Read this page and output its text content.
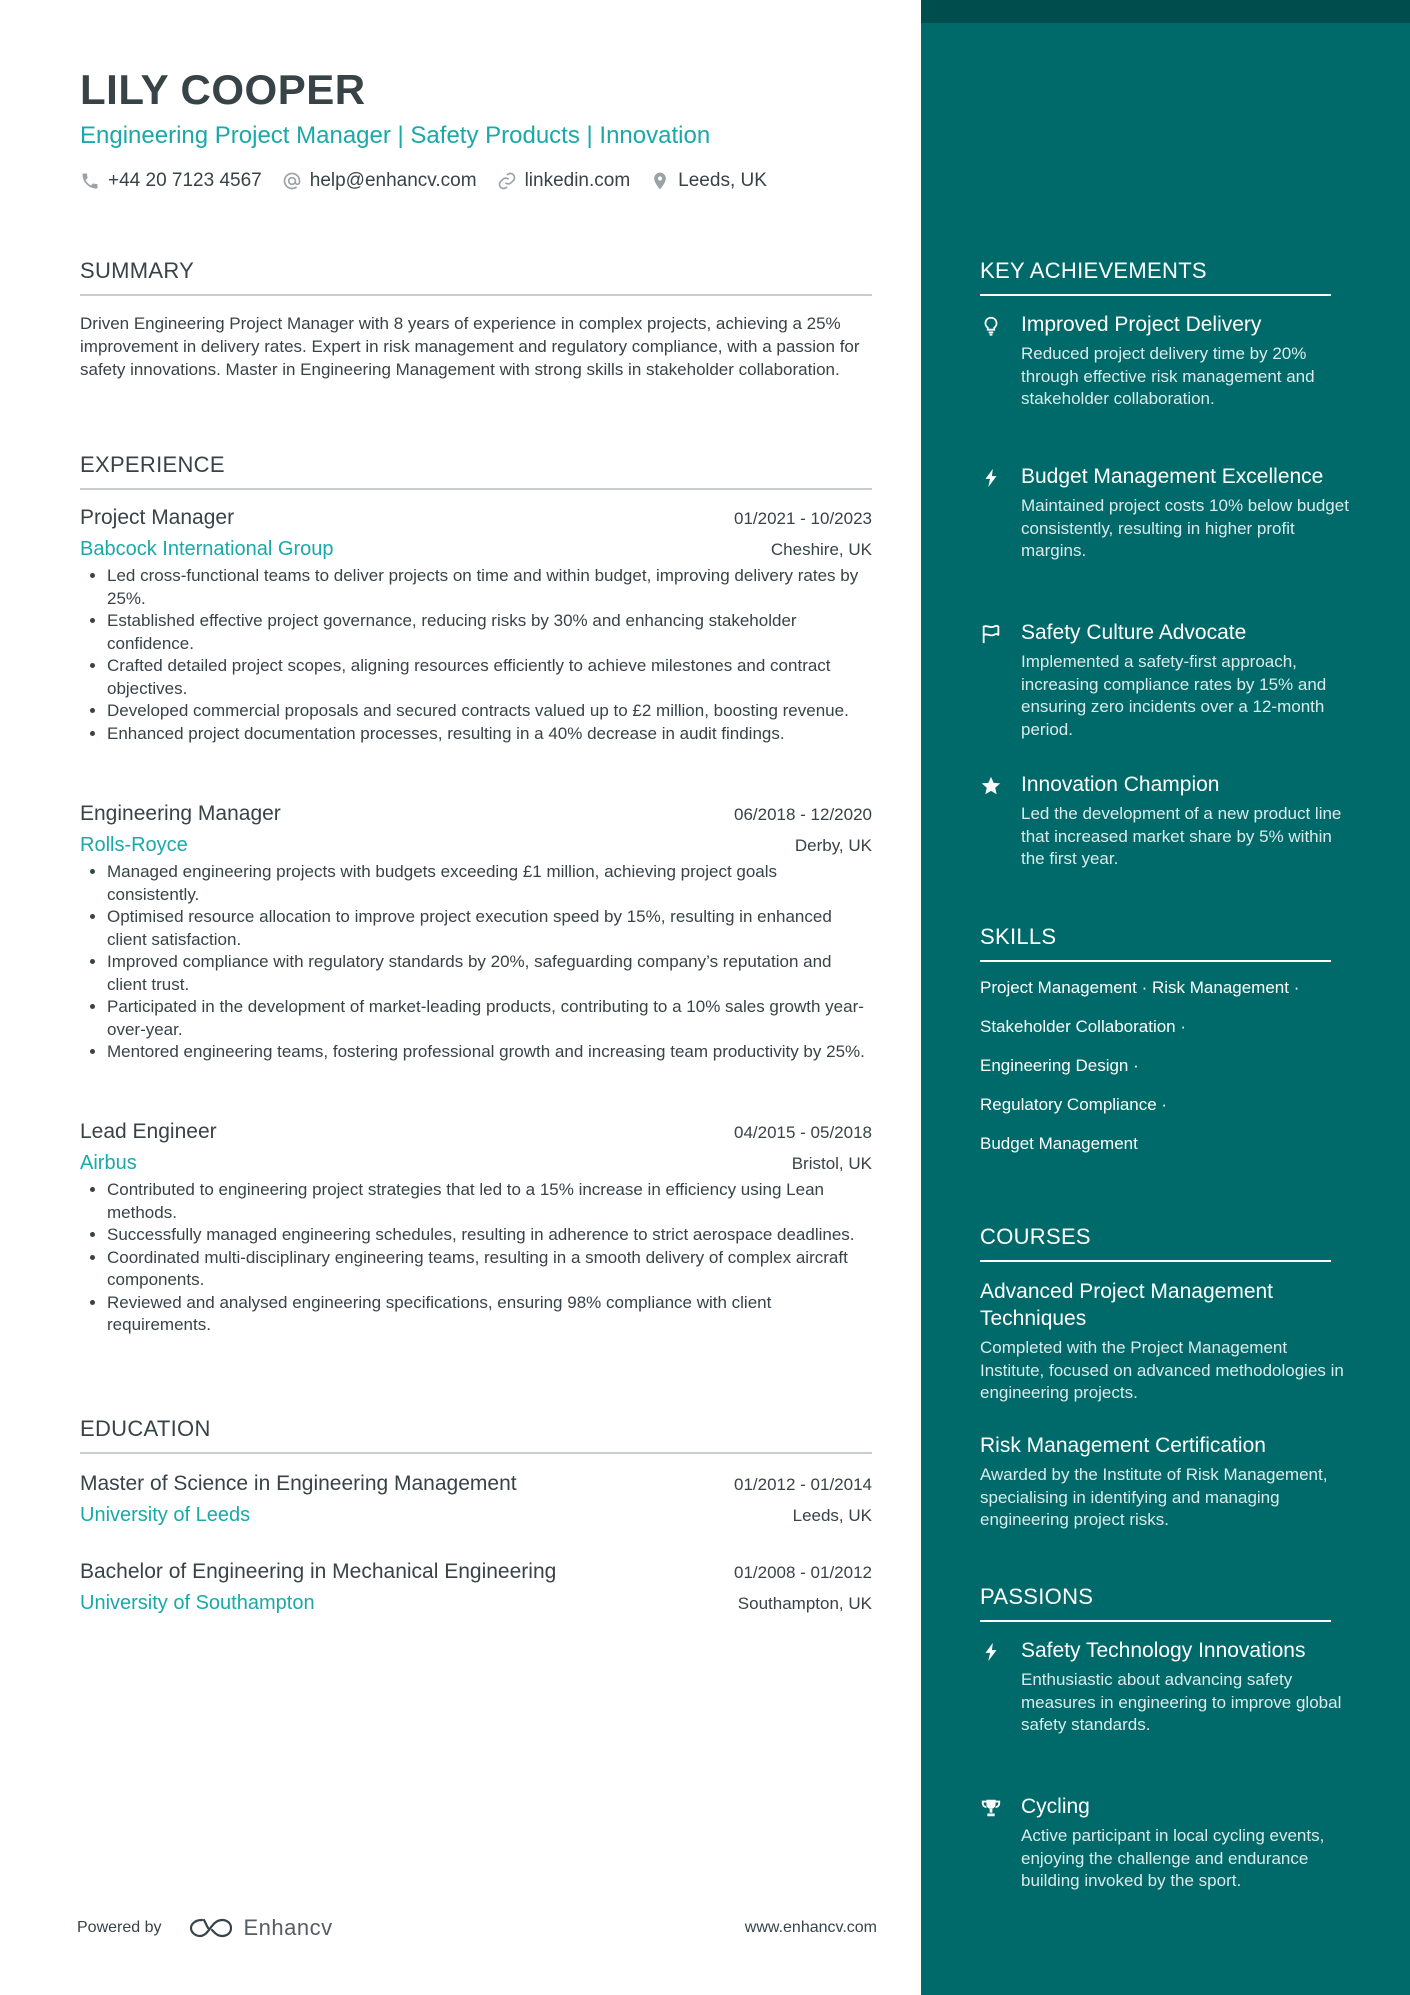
LILY COOPER
Engineering Project Manager | Safety Products | Innovation
+44 20 7123 4567	help@enhancv.com	linkedin.com	Leeds, UK
SUMMARY
Driven Engineering Project Manager with 8 years of experience in complex projects, achieving a 25% improvement in delivery rates. Expert in risk management and regulatory compliance, with a passion for safety innovations. Master in Engineering Management with strong skills in stakeholder collaboration.
EXPERIENCE
Project Manager	01/2021 - 10/2023
Babcock International Group	Cheshire, UK
• Led cross-functional teams to deliver projects on time and within budget, improving delivery rates by 25%.
• Established effective project governance, reducing risks by 30% and enhancing stakeholder confidence.
• Crafted detailed project scopes, aligning resources efficiently to achieve milestones and contract objectives.
• Developed commercial proposals and secured contracts valued up to £2 million, boosting revenue.
• Enhanced project documentation processes, resulting in a 40% decrease in audit findings.
Engineering Manager	06/2018 - 12/2020
Rolls-Royce	Derby, UK
• Managed engineering projects with budgets exceeding £1 million, achieving project goals consistently.
• Optimised resource allocation to improve project execution speed by 15%, resulting in enhanced client satisfaction.
• Improved compliance with regulatory standards by 20%, safeguarding company’s reputation and client trust.
• Participated in the development of market-leading products, contributing to a 10% sales growth year-over-year.
• Mentored engineering teams, fostering professional growth and increasing team productivity by 25%.
Lead Engineer	04/2015 - 05/2018
Airbus	Bristol, UK
• Contributed to engineering project strategies that led to a 15% increase in efficiency using Lean methods.
• Successfully managed engineering schedules, resulting in adherence to strict aerospace deadlines.
• Coordinated multi-disciplinary engineering teams, resulting in a smooth delivery of complex aircraft components.
• Reviewed and analysed engineering specifications, ensuring 98% compliance with client requirements.
EDUCATION
Master of Science in Engineering Management	01/2012 - 01/2014
University of Leeds	Leeds, UK
Bachelor of Engineering in Mechanical Engineering	01/2008 - 01/2012
University of Southampton	Southampton, UK
Powered by	Enhancv	www.enhancv.com
KEY ACHIEVEMENTS
Improved Project Delivery
Reduced project delivery time by 20% through effective risk management and stakeholder collaboration.
Budget Management Excellence
Maintained project costs 10% below budget consistently, resulting in higher profit margins.
Safety Culture Advocate
Implemented a safety-first approach, increasing compliance rates by 15% and ensuring zero incidents over a 12-month period.
Innovation Champion
Led the development of a new product line that increased market share by 5% within the first year.
SKILLS
Project Management · Risk Management ·
Stakeholder Collaboration ·
Engineering Design ·
Regulatory Compliance ·
Budget Management
COURSES
Advanced Project Management Techniques
Completed with the Project Management Institute, focused on advanced methodologies in engineering projects.
Risk Management Certification
Awarded by the Institute of Risk Management, specialising in identifying and managing engineering project risks.
PASSIONS
Safety Technology Innovations
Enthusiastic about advancing safety measures in engineering to improve global safety standards.
Cycling
Active participant in local cycling events, enjoying the challenge and endurance building invoked by the sport.
